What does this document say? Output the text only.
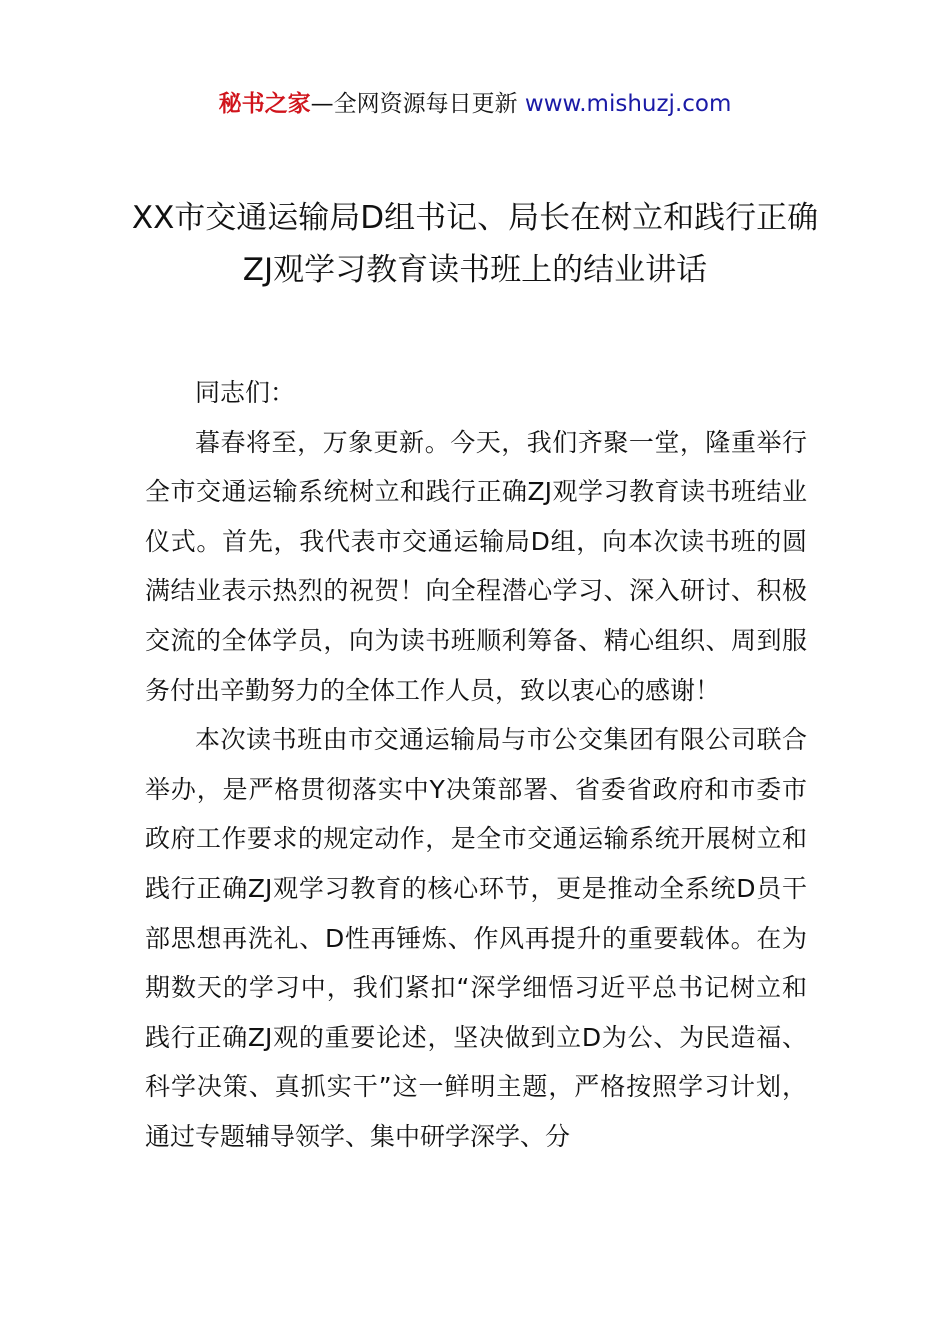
秘书之家—全网资源每日更新 www.mishuzj.com
XX市交通运输局D组书记、局长在树立和践行正确ZJ观学习教育读书班上的结业讲话

同志们：

暮春将至，万象更新。今天，我们齐聚一堂，隆重举行全市交通运输系统树立和践行正确ZJ观学习教育读书班结业仪式。首先，我代表市交通运输局D组，向本次读书班的圆满结业表示热烈的祝贺！向全程潜心学习、深入研讨、积极交流的全体学员，向为读书班顺利筹备、精心组织、周到服务付出辛勤努力的全体工作人员，致以衷心的感谢！

本次读书班由市交通运输局与市公交集团有限公司联合举办，是严格贯彻落实中Y决策部署、省委省政府和市委市政府工作要求的规定动作，是全市交通运输系统开展树立和践行正确ZJ观学习教育的核心环节，更是推动全系统D员干部思想再洗礼、D性再锤炼、作风再提升的重要载体。在为期数天的学习中，我们紧扣“深学细悟习近平总书记树立和践行正确ZJ观的重要论述，坚决做到立D为公、为民造福、科学决策、真抓实干”这一鲜明主题，严格按照学习计划，通过专题辅导领学、集中研学深学、分
